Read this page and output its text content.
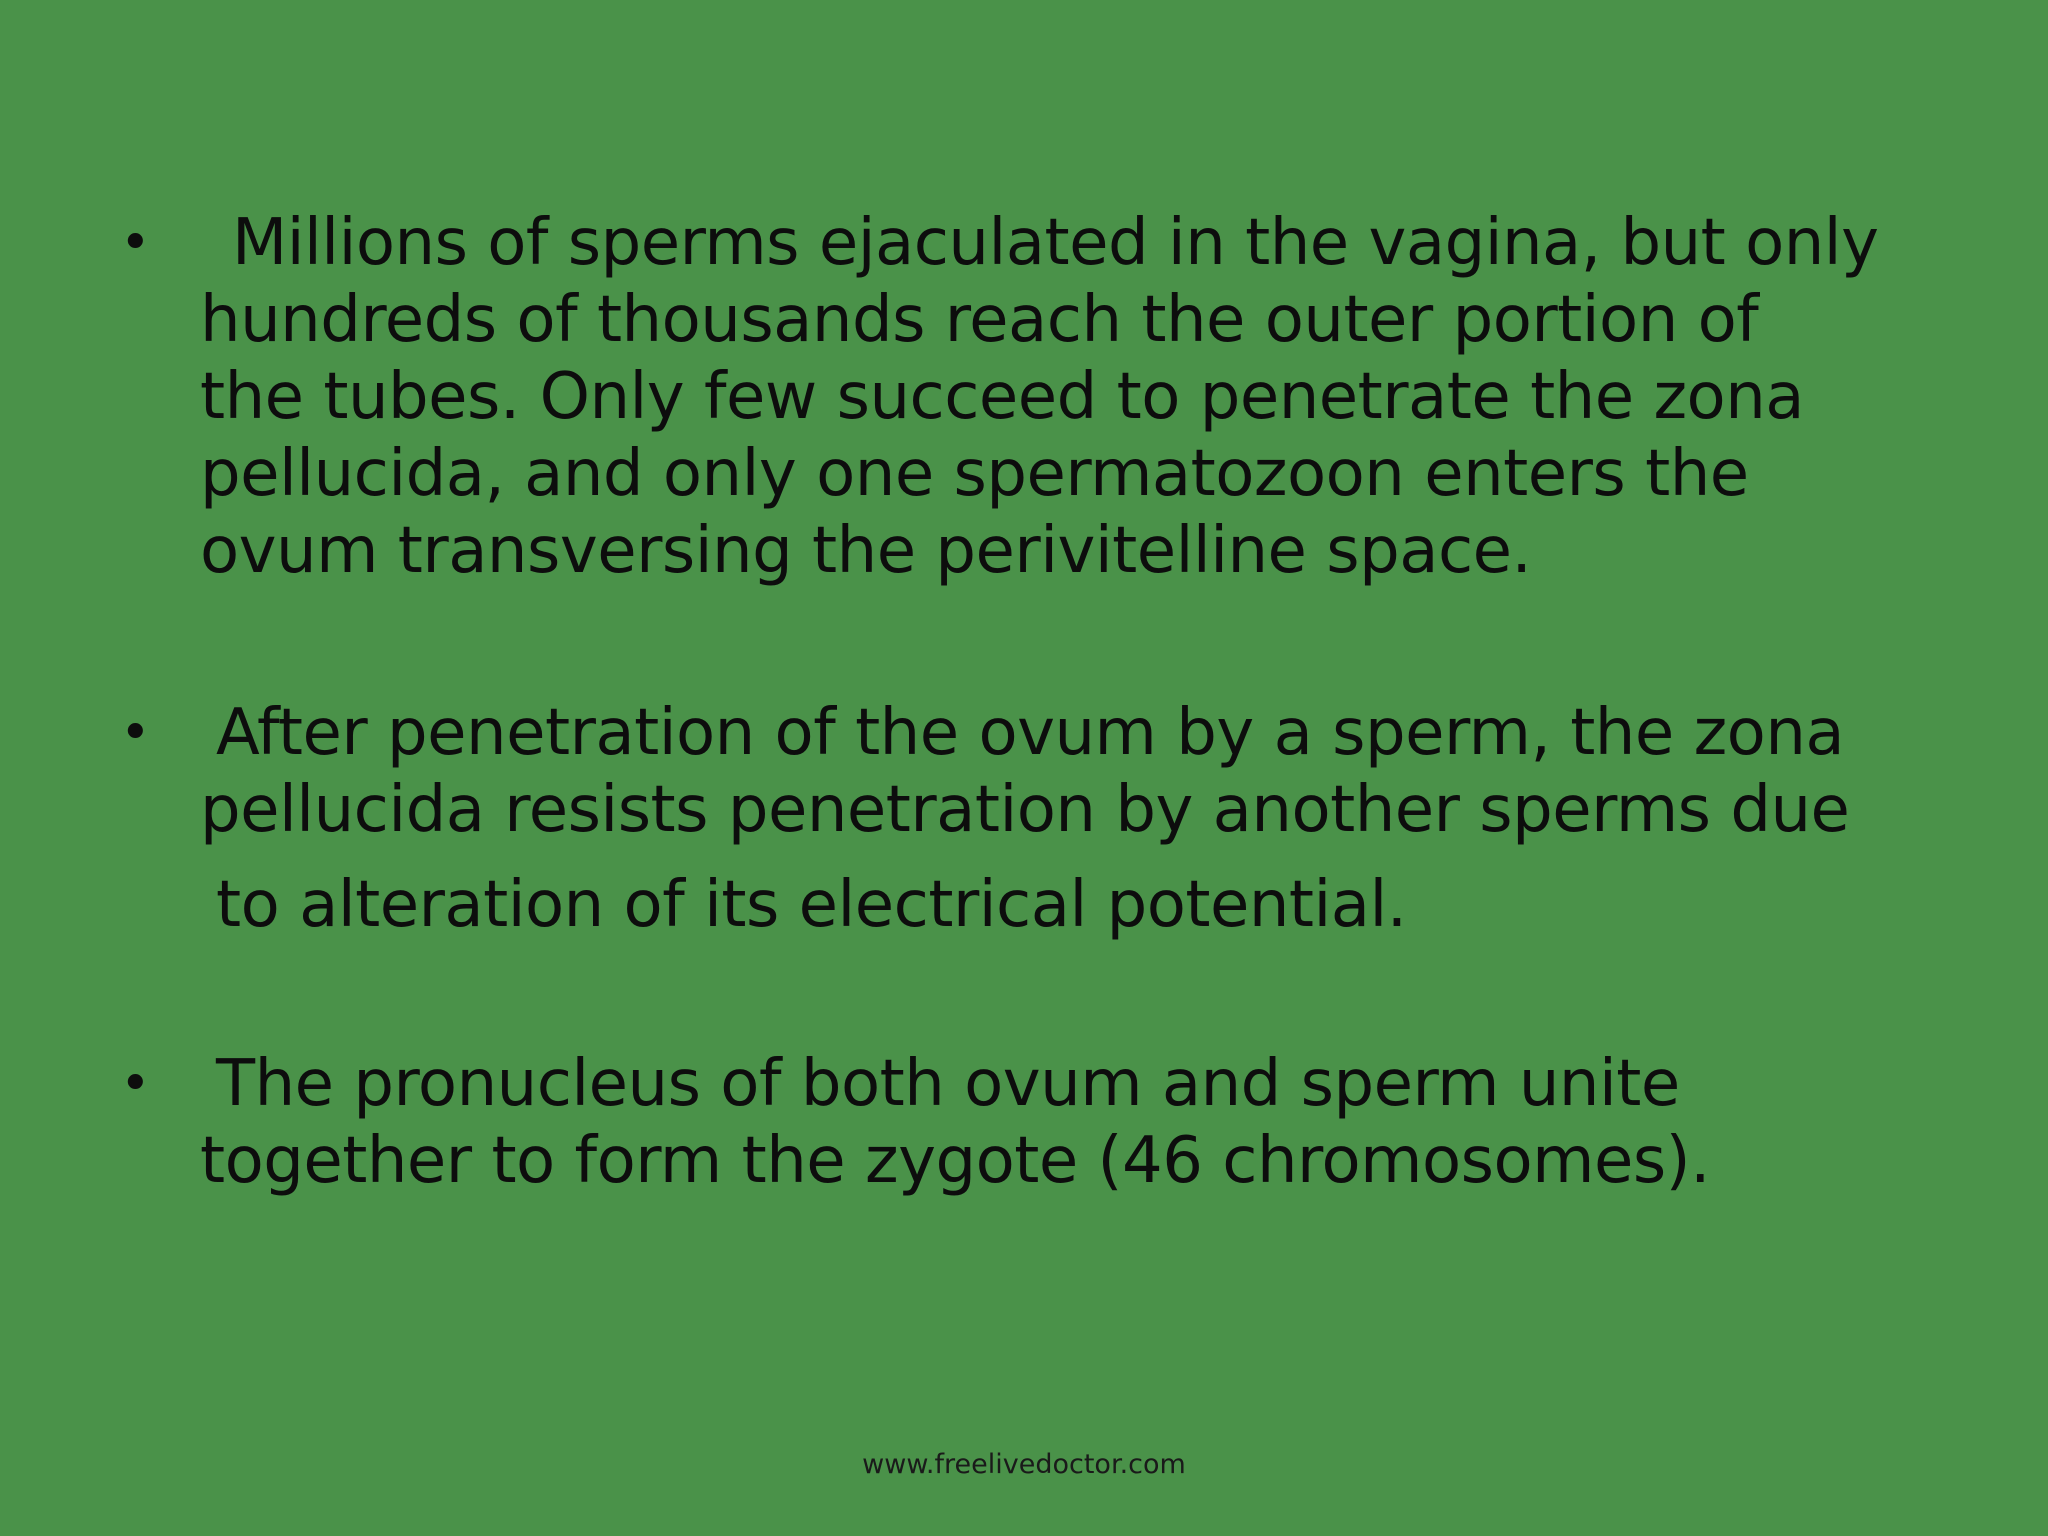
•	Millions of sperms ejaculated in the vagina, but only
hundreds of thousands reach the outer portion of
the tubes. Only few succeed to penetrate the zona
pellucida, and only one spermatozoon enters the
ovum transversing the perivitelline space.
• After penetration of the ovum by a sperm, the zona
pellucida resists penetration by another sperms due
to alteration of its electrical potential.
• The pronucleus of both ovum and sperm unite
together to form the zygote (46 chromosomes).
www.freelivedoctor.com
